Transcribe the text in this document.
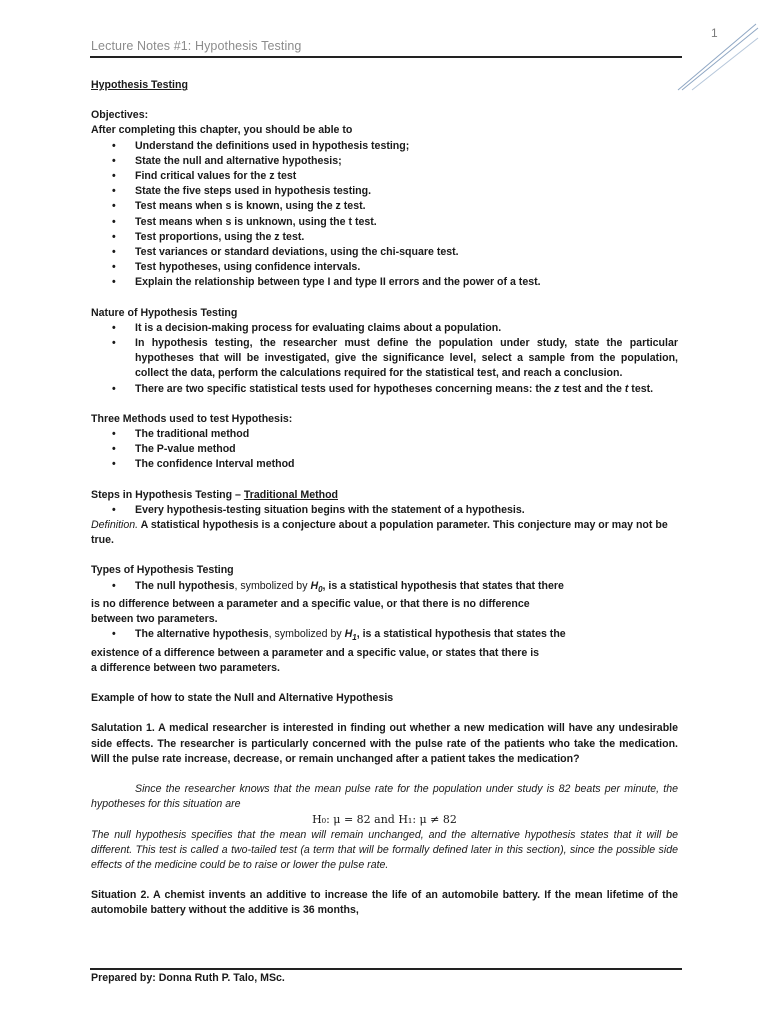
1
Lecture Notes #1: Hypothesis Testing

Hypothesis Testing

Objectives:

After completing this chapter, you should be able to

• Understand the definitions used in hypothesis testing;
• State the null and alternative hypothesis;
• Find critical values for the z test
• State the five steps used in hypothesis testing.
• Test means when s is known, using the z test.
• Test means when s is unknown, using the t test.
• Test proportions, using the z test.
• Test variances or standard deviations, using the chi-square test.
• Test hypotheses, using confidence intervals.
• Explain the relationship between type I and type II errors and the power of a test.

Nature of Hypothesis Testing

• It is a decision-making process for evaluating claims about a population.
• In hypothesis testing, the researcher must define the population under study, state the particular hypotheses that will be investigated, give the significance level, select a sample from the population, collect the data, perform the calculations required for the statistical test, and reach a conclusion.
• There are two specific statistical tests used for hypotheses concerning means: the z test and the t test.

Three Methods used to test Hypothesis:

• The traditional method
• The P-value method
• The confidence Interval method

Steps in Hypothesis Testing – Traditional Method

• Every hypothesis-testing situation begins with the statement of a hypothesis.

Definition. A statistical hypothesis is a conjecture about a population parameter. This conjecture may or may not be true.

Types of Hypothesis Testing

• The null hypothesis, symbolized by $H_0$, is a statistical hypothesis that states that there

is no difference between a parameter and a specific value, or that there is no difference

between two parameters.

• The alternative hypothesis, symbolized by $H_1$, is a statistical hypothesis that states the

existence of a difference between a parameter and a specific value, or states that there is

a difference between two parameters.

Example of how to state the Null and Alternative Hypothesis

Salutation 1. A medical researcher is interested in finding out whether a new medication will have any undesirable side effects. The researcher is particularly concerned with the pulse rate of the patients who take the medication. Will the pulse rate increase, decrease, or remain unchanged after a patient takes the medication?

Since the researcher knows that the mean pulse rate for the population under study is 82 beats per minute, the hypotheses for this situation are

H₀: μ = 82 and H₁: μ ≠ 82

The null hypothesis specifies that the mean will remain unchanged, and the alternative hypothesis states that it will be different. This test is called a two-tailed test (a term that will be formally defined later in this section), since the possible side effects of the medicine could be to raise or lower the pulse rate.

Situation 2. A chemist invents an additive to increase the life of an automobile battery. If the mean lifetime of the automobile battery without the additive is 36 months,

Prepared by: Donna Ruth P. Talo, MSc.
